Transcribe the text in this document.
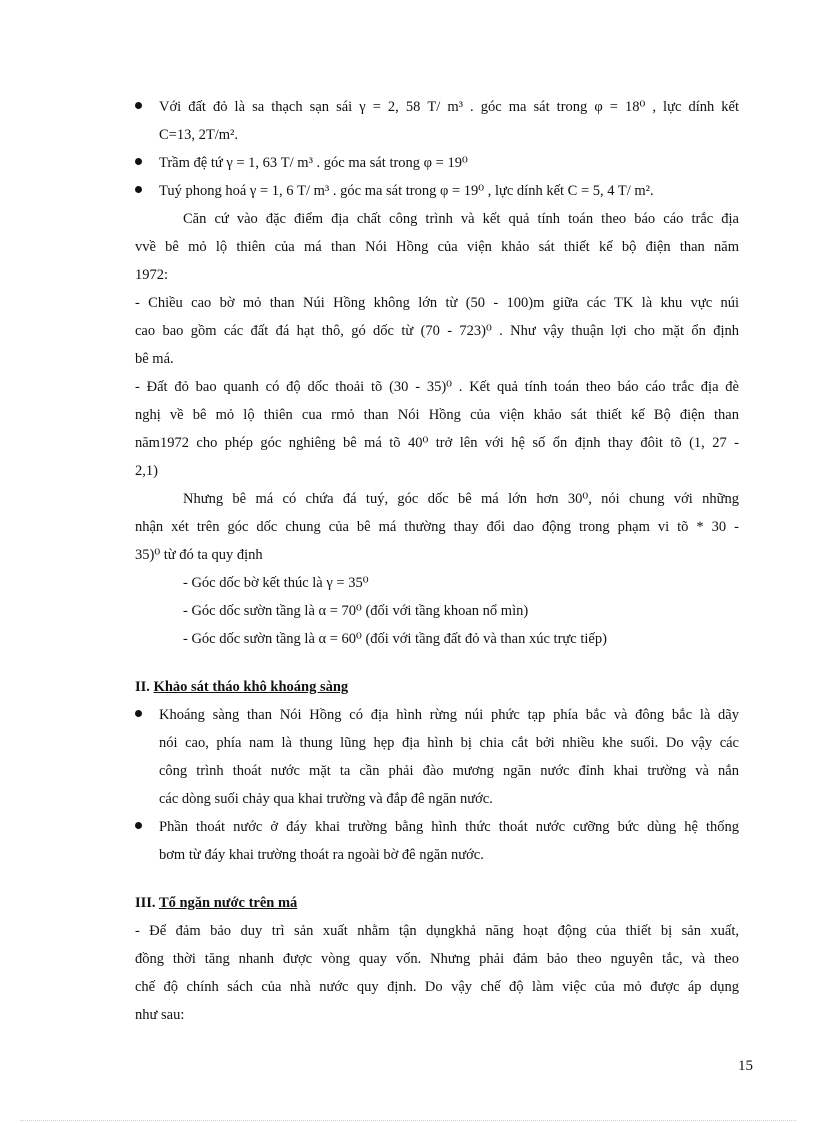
Với đất đỏ là sa thạch sạn sái γ = 2, 58 T/ m³ . góc ma sát trong φ = 18⁰ , lực dính kết
C=13, 2T/m².
Trầm đệ tứ γ = 1, 63 T/ m³ . góc ma sát trong φ = 19⁰
Tuý phong hoá γ = 1, 6 T/ m³ . góc ma sát trong φ = 19⁰ , lực dính kết C = 5, 4 T/ m².
Căn cứ vào đặc điểm địa chất công trình và kết quả tính toán theo báo cáo trắc địa
vvề bê mỏ lộ thiên của má than Nói Hồng của viện khảo sát thiết kế bộ điện than năm
1972:
- Chiều cao bờ mỏ than Núi Hồng không lớn từ (50 - 100)m giữa các TK là khu vực núi
cao bao gồm các đất đá hạt thô, gó dốc từ (70 - 723)⁰ . Như vậy thuận lợi cho mặt ổn định
bê má.
- Đất đỏ bao quanh có độ dốc thoải tõ (30 - 35)⁰ . Kết quả tính toán theo báo cáo trắc địa đè
nghị về bê mỏ lộ thiên cua rmỏ than Nói Hồng của viện khảo sát thiết kế Bộ điện than
năm1972 cho phép góc nghiêng bê má tõ 40⁰ trở lên với hệ số ổn định thay đôit tõ (1, 27 -
2,1)
Nhưng bê má có chứa đá tuý, góc dốc bê má lớn hơn 30⁰, nói chung với những
nhận xét trên góc dốc chung của bê má thường thay đổi dao động trong phạm vi tõ * 30 -
35)⁰ từ đó ta quy định
- Góc dốc bờ kết thúc là γ = 35⁰
- Góc dốc sườn tầng là α = 70⁰ (đối với tầng khoan nổ mìn)
- Góc dốc sườn tầng là α = 60⁰ (đối với tầng đất đỏ và than xúc trực tiếp)
II. Khảo sát tháo khô khoáng sàng
Khoáng sàng than Nói Hồng có địa hình rừng núi phức tạp phía bắc và đông bắc là dãy
nói cao, phía nam là thung lũng hẹp địa hình bị chia cắt bởi nhiều khe suối. Do vậy các
công trình thoát nước mặt ta cần phải đào mương ngăn nước đỉnh khai trường và nắn
các dòng suối chảy qua khai trường và đắp đê ngăn nước.
Phần thoát nước ở đáy khai trường bằng hình thức thoát nước cưỡng bức dùng hệ thống
bơm từ đáy khai trường thoát ra ngoài bờ đê ngăn nước.
III. Tổ ngăn nước trên má
- Để đảm bảo duy trì sản xuất nhằm tận dụngkhả năng hoạt động của thiết bị sản xuất,
đồng thời tăng nhanh được vòng quay vốn. Nhưng phải đảm bảo theo nguyên tắc, và theo
chế độ chính sách của nhà nước quy định. Do vậy chế độ làm việc của mỏ được áp dụng
như sau:
15
